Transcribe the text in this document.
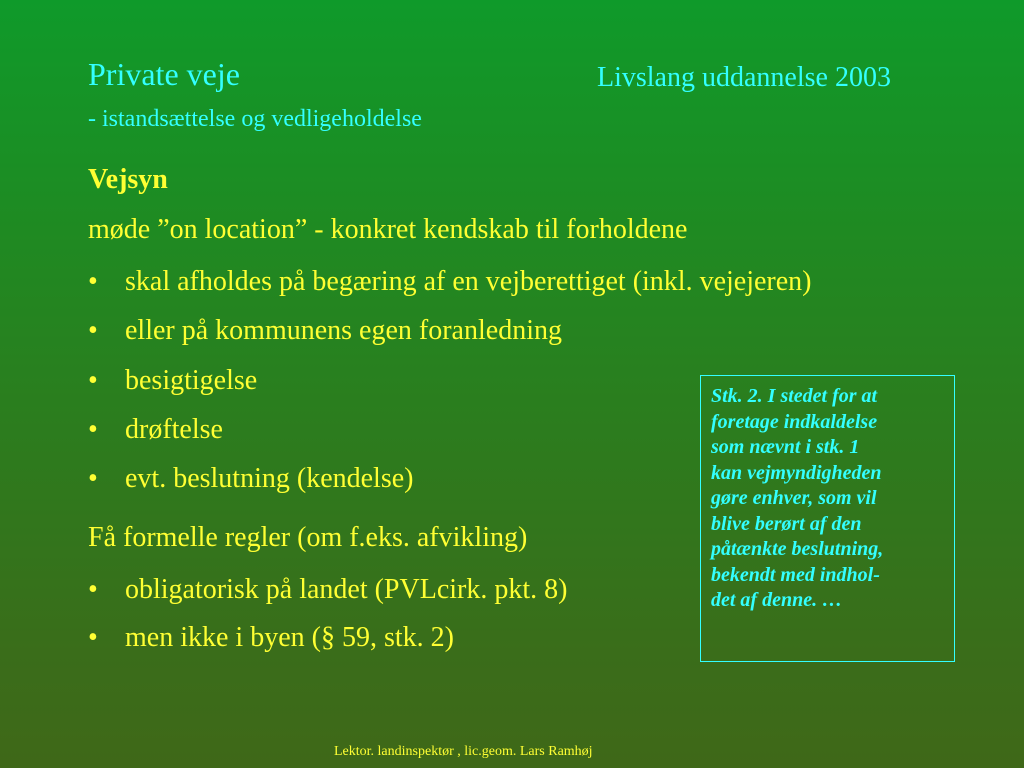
Private veje
- istandsættelse og vedligeholdelse
Livslang uddannelse 2003
Vejsyn
møde ”on location” - konkret kendskab til forholdene
• skal afholdes på begæring af en vejberettiget (inkl. vejejeren)
• eller på kommunens egen foranledning
• besigtigelse
• drøftelse
• evt. beslutning (kendelse)
Få formelle regler (om f.eks. afvikling)
• obligatorisk på landet (PVLcirk. pkt. 8)
• men ikke i byen (§ 59, stk. 2)
Stk. 2. I stedet for at
foretage indkaldelse
som nævnt i stk. 1
kan vejmyndigheden
gøre enhver, som vil
blive berørt af den
påtænkte beslutning,
bekendt med indhol-
det af denne. …
Lektor. landinspektør , lic.geom. Lars Ramhøj
